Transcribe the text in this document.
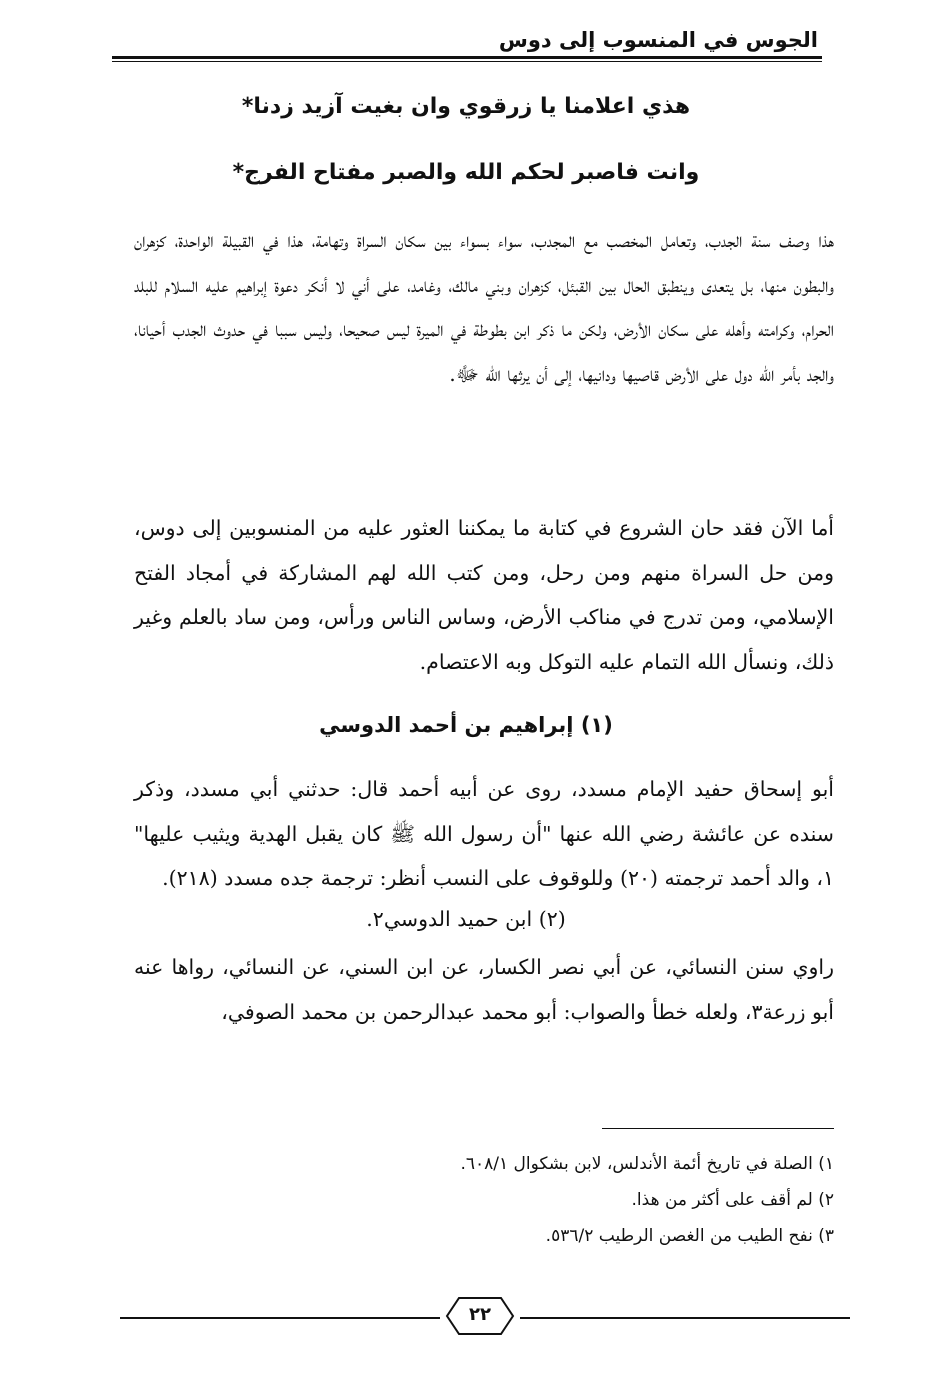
الجوس في المنسوب إلى دوس
هذي اعلامنا يا زرقوي وان بغيت آزيد زدنا*
وانت فاصبر لحكم الله والصبر مفتاح الفرج*
هذا وصف سنة الجدب، وتعامل المخصب مع المجدب، سواء بسواء بين سكان السراة وتهامة، هذا في القبيلة الواحدة، كزهران والبطون منها، بل يتعدى وينطبق الحال بين القبئل، كزهران وبني مالك، وغامد، على أني لا أنكر دعوة إبراهيم عليه السلام للبلد الحرام، وكرامته وأهله على سكان الأرض، ولكن ما ذكر ابن بطوطة في الميرة ليس صحيحا، وليس سببا في حدوث الجدب أحيانا، والجد بأمر الله دول على الأرض قاصيها ودانيها، إلى أن يرثها الله ﷻ.
أما الآن فقد حان الشروع في كتابة ما يمكننا العثور عليه من المنسوبين إلى دوس، ومن حل السراة منهم ومن رحل، ومن كتب الله لهم المشاركة في أمجاد الفتح الإسلامي، ومن تدرج في مناكب الأرض، وساس الناس ورأس، ومن ساد بالعلم وغير ذلك، ونسأل الله التمام عليه التوكل وبه الاعتصام.
(١) إبراهيم بن أحمد الدوسي
أبو إسحاق حفيد الإمام مسدد، روى عن أبيه أحمد قال: حدثني أبي مسدد، وذكر سنده عن عائشة رضي الله عنها "أن رسول الله ﷺ كان يقبل الهدية ويثيب عليها" ١، والد أحمد ترجمته (٢٠) وللوقوف على النسب أنظر: ترجمة جده مسدد (٢١٨).
(٢) ابن حميد الدوسي٢.
راوي سنن النسائي، عن أبي نصر الكسار، عن ابن السني، عن النسائي، رواها عنه أبو زرعة٣، ولعله خطأ والصواب: أبو محمد عبدالرحمن بن محمد الصوفي،
١) الصلة في تاريخ أئمة الأندلس، لابن بشكوال ٦٠٨/١.
٢) لم أقف على أكثر من هذا.
٣) نفح الطيب من الغصن الرطيب ٥٣٦/٢.
٢٢
